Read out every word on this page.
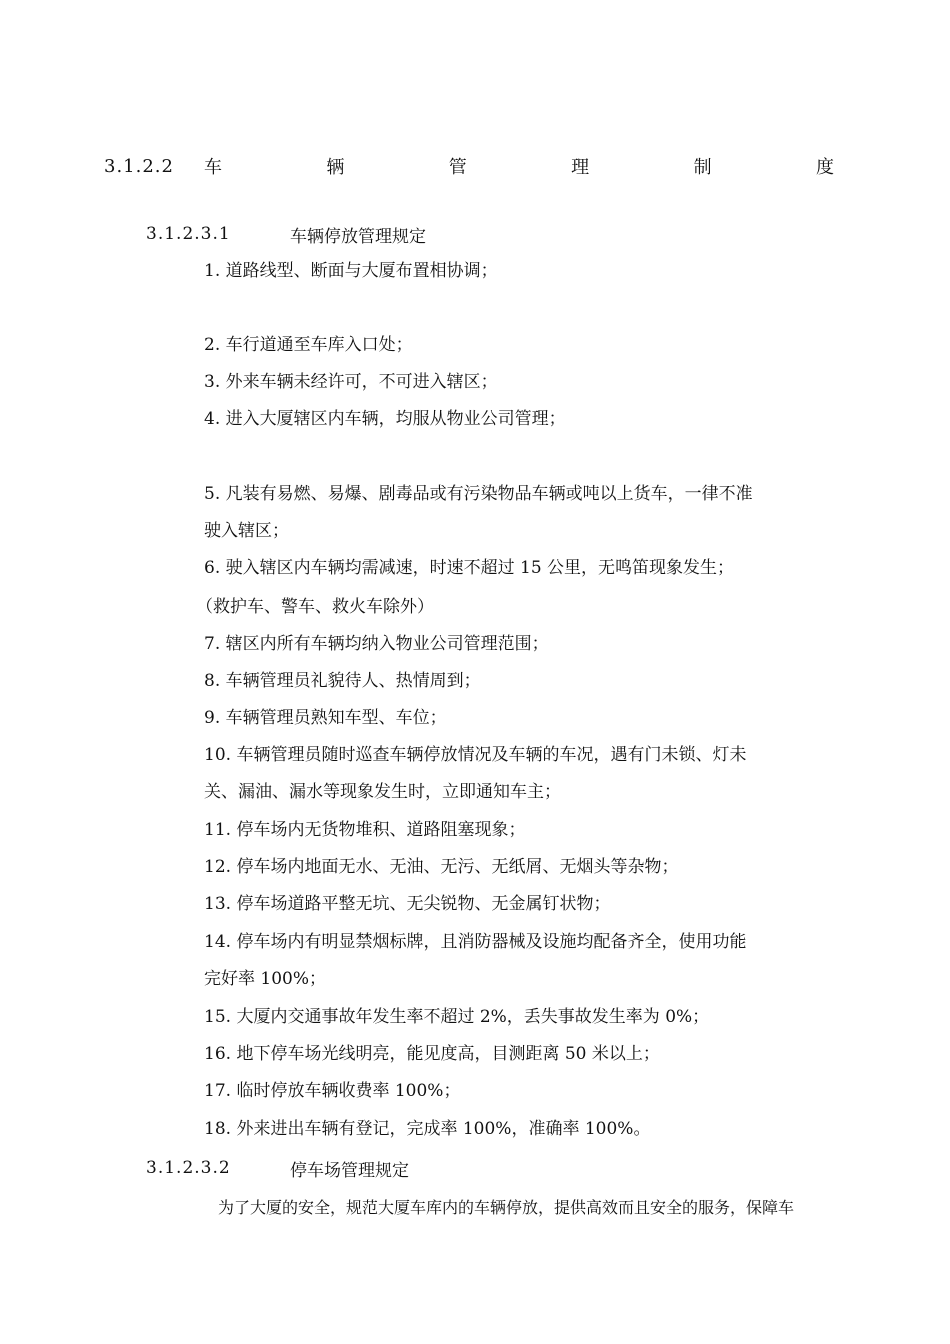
3.1.2.2	车	辆	管	理	制	度
3.1.2.3.1	车辆停放管理规定
1. 道路线型、断面与大厦布置相协调；
2. 车行道通至车库入口处；
3. 外来车辆未经许可，不可进入辖区；
4. 进入大厦辖区内车辆，均服从物业公司管理；
5. 凡装有易燃、易爆、剧毒品或有污染物品车辆或吨以上货车，一律不准
驶入辖区；
6. 驶入辖区内车辆均需减速，时速不超过 15 公里，无鸣笛现象发生；
（救护车、警车、救火车除外）
7. 辖区内所有车辆均纳入物业公司管理范围；
8. 车辆管理员礼貌待人、热情周到；
9. 车辆管理员熟知车型、车位；
10. 车辆管理员随时巡查车辆停放情况及车辆的车况，遇有门未锁、灯未
关、漏油、漏水等现象发生时，立即通知车主；
11. 停车场内无货物堆积、道路阻塞现象；
12. 停车场内地面无水、无油、无污、无纸屑、无烟头等杂物；
13. 停车场道路平整无坑、无尖锐物、无金属钉状物；
14. 停车场内有明显禁烟标牌，且消防器械及设施均配备齐全，使用功能
完好率 100%；
15. 大厦内交通事故年发生率不超过 2%，丢失事故发生率为 0%；
16. 地下停车场光线明亮，能见度高，目测距离 50 米以上；
17. 临时停放车辆收费率 100%；
18. 外来进出车辆有登记，完成率 100%，准确率 100%。
3.1.2.3.2	停车场管理规定
为了大厦的安全，规范大厦车库内的车辆停放，提供高效而且安全的服务，保障车
